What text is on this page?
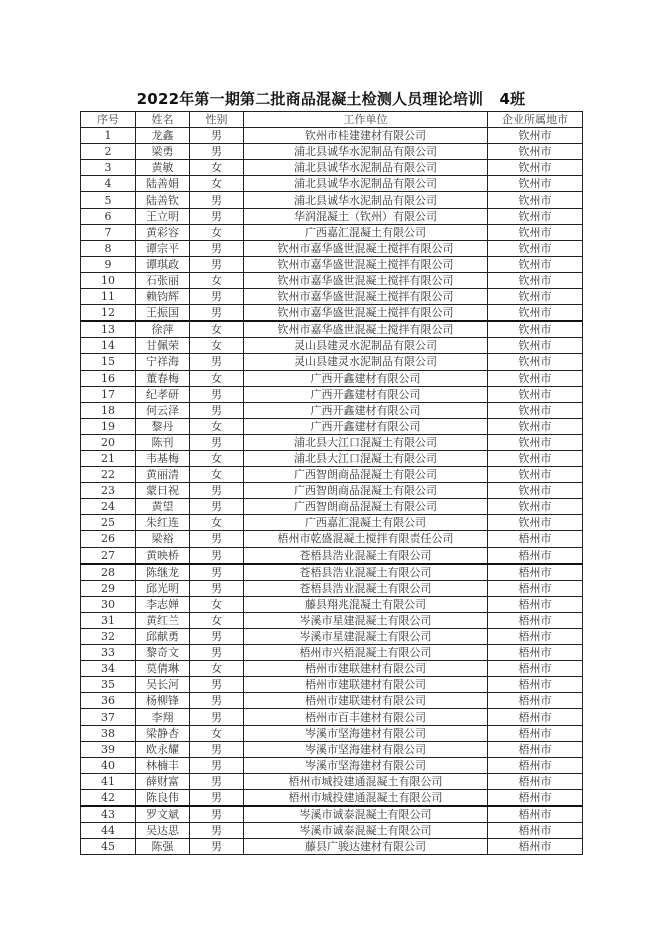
2022年第一期第二批商品混凝土检测人员理论培训   4班
序号	姓名	性别	工作单位	企业所属地市
1	龙鑫	男	钦州市桂建建材有限公司	钦州市
2	梁勇	男	浦北县诚华水泥制品有限公司	钦州市
3	黄敏	女	浦北县诚华水泥制品有限公司	钦州市
4	陆善娟	女	浦北县诚华水泥制品有限公司	钦州市
5	陆善钦	男	浦北县诚华水泥制品有限公司	钦州市
6	王立明	男	华润混凝土（钦州）有限公司	钦州市
7	黄彩容	女	广西嘉汇混凝土有限公司	钦州市
8	谭宗平	男	钦州市嘉华盛世混凝土搅拌有限公司	钦州市
9	谭琪政	男	钦州市嘉华盛世混凝土搅拌有限公司	钦州市
10	石张丽	女	钦州市嘉华盛世混凝土搅拌有限公司	钦州市
11	赖钧辉	男	钦州市嘉华盛世混凝土搅拌有限公司	钦州市
12	王振国	男	钦州市嘉华盛世混凝土搅拌有限公司	钦州市
13	徐萍	女	钦州市嘉华盛世混凝土搅拌有限公司	钦州市
14	甘佩荣	女	灵山县建灵水泥制品有限公司	钦州市
15	宁祥海	男	灵山县建灵水泥制品有限公司	钦州市
16	董春梅	女	广西开鑫建材有限公司	钦州市
17	纪孝研	男	广西开鑫建材有限公司	钦州市
18	何云泽	男	广西开鑫建材有限公司	钦州市
19	黎丹	女	广西开鑫建材有限公司	钦州市
20	陈刊	男	浦北县大江口混凝土有限公司	钦州市
21	韦基梅	女	浦北县大江口混凝土有限公司	钦州市
22	黄丽清	女	广西智朗商品混凝土有限公司	钦州市
23	蒙日祝	男	广西智朗商品混凝土有限公司	钦州市
24	黄望	男	广西智朗商品混凝土有限公司	钦州市
25	朱红连	女	广西嘉汇混凝土有限公司	钦州市
26	梁裕	男	梧州市乾盛混凝土搅拌有限责任公司	梧州市
27	黄映桥	男	苍梧县浩业混凝土有限公司	梧州市
28	陈继龙	男	苍梧县浩业混凝土有限公司	梧州市
29	邱光明	男	苍梧县浩业混凝土有限公司	梧州市
30	李志婵	女	藤县翔兆混凝土有限公司	梧州市
31	黄红兰	女	岑溪市星建混凝土有限公司	梧州市
32	邱献勇	男	岑溪市星建混凝土有限公司	梧州市
33	黎奇文	男	梧州市兴梧混凝土有限公司	梧州市
34	莫倩琳	女	梧州市建联建材有限公司	梧州市
35	吴长河	男	梧州市建联建材有限公司	梧州市
36	杨柳锋	男	梧州市建联建材有限公司	梧州市
37	李翔	男	梧州市百丰建材有限公司	梧州市
38	梁静杏	女	岑溪市坚海建材有限公司	梧州市
39	欧永耀	男	岑溪市坚海建材有限公司	梧州市
40	林楠丰	男	岑溪市坚海建材有限公司	梧州市
41	薛财富	男	梧州市城投建通混凝土有限公司	梧州市
42	陈良伟	男	梧州市城投建通混凝土有限公司	梧州市
43	罗文斌	男	岑溪市诚泰混凝土有限公司	梧州市
44	吴达思	男	岑溪市诚泰混凝土有限公司	梧州市
45	陈强	男	藤县广骏达建材有限公司	梧州市
